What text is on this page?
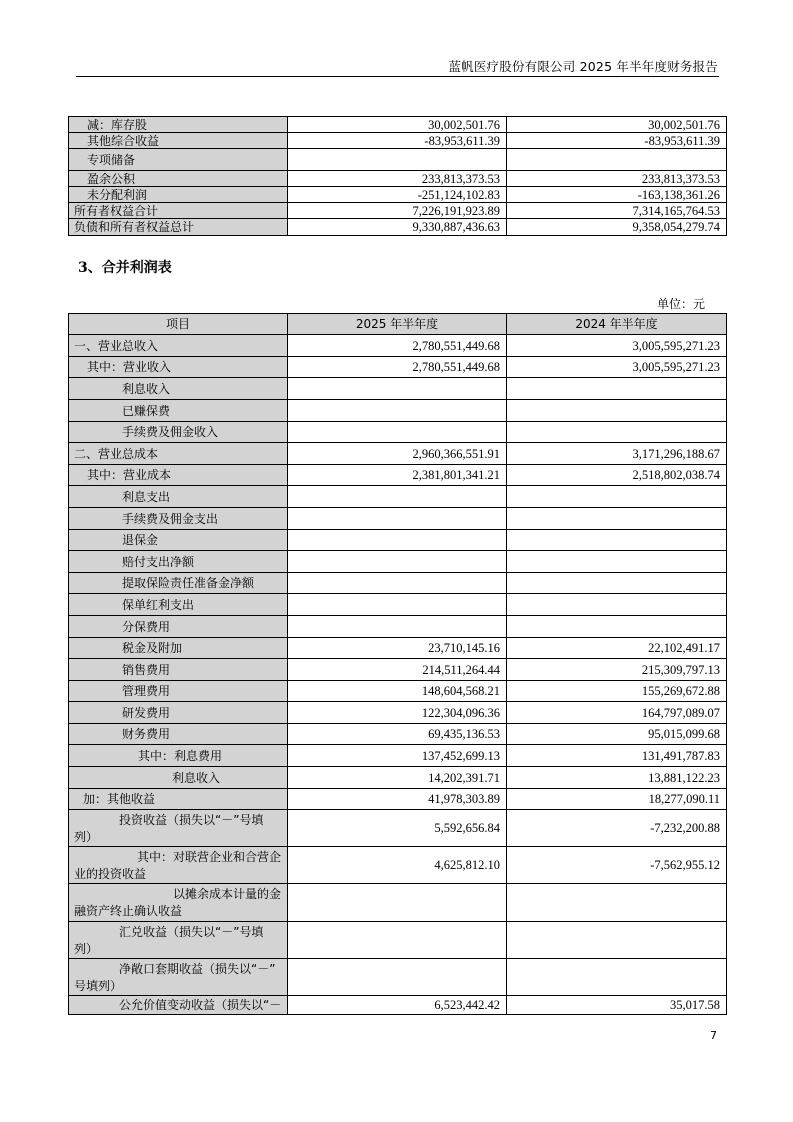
蓝帆医疗股份有限公司 2025 年半年度财务报告
减：库存股	30,002,501.76	30,002,501.76
其他综合收益	-83,953,611.39	-83,953,611.39
专项储备		
盈余公积	233,813,373.53	233,813,373.53
未分配利润	-251,124,102.83	-163,138,361.26
所有者权益合计	7,226,191,923.89	7,314,165,764.53
负债和所有者权益总计	9,330,887,436.63	9,358,054,279.74
3、合并利润表
单位：元
项目	2025 年半年度	2024 年半年度
一、营业总收入	2,780,551,449.68	3,005,595,271.23
其中：营业收入	2,780,551,449.68	3,005,595,271.23
利息收入		
已赚保费		
手续费及佣金收入		
二、营业总成本	2,960,366,551.91	3,171,296,188.67
其中：营业成本	2,381,801,341.21	2,518,802,038.74
利息支出		
手续费及佣金支出		
退保金		
赔付支出净额		
提取保险责任准备金净额		
保单红利支出		
分保费用		
税金及附加	23,710,145.16	22,102,491.17
销售费用	214,511,264.44	215,309,797.13
管理费用	148,604,568.21	155,269,672.88
研发费用	122,304,096.36	164,797,089.07
财务费用	69,435,136.53	95,015,099.68
其中：利息费用	137,452,699.13	131,491,787.83
利息收入	14,202,391.71	13,881,122.23
加：其他收益	41,978,303.89	18,277,090.11

投资收益（损失以“－”号填
列）	5,592,656.84	-7,232,200.88

其中：对联营企业和合营企
业的投资收益	4,625,812.10	-7,562,955.12

以摊余成本计量的金
融资产终止确认收益		

汇兑收益（损失以“－”号填
列）		

净敞口套期收益（损失以“－”
号填列）		

公允价值变动收益（损失以“－	6,523,442.42	35,017.58
7
